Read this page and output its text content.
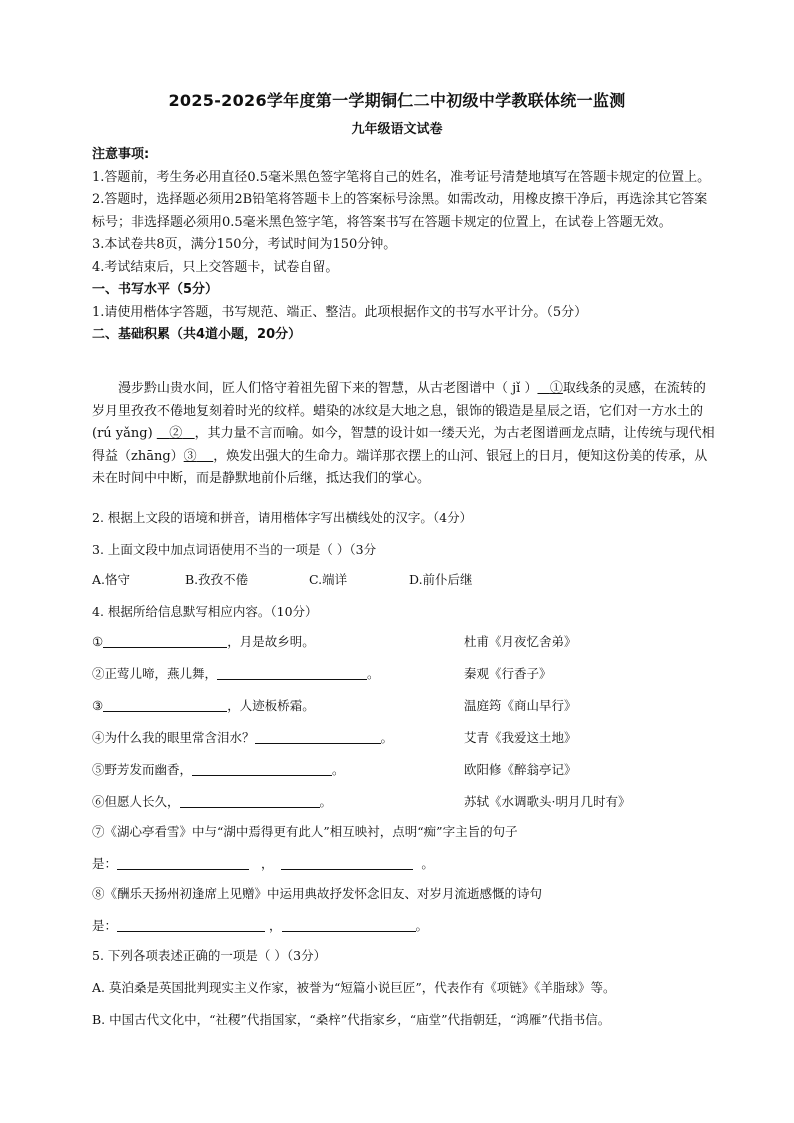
2025-2026学年度第一学期铜仁二中初级中学教联体统一监测
九年级语文试卷

注意事项:

1.答题前，考生务必用直径0.5毫米黑色签字笔将自己的姓名，准考证号清楚地填写在答题卡规定的位置上。

2.答题时，选择题必须用2B铅笔将答题卡上的答案标号涂黑。如需改动，用橡皮擦干净后，再选涂其它答案标号；非选择题必须用0.5毫米黑色签字笔，将答案书写在答题卡规定的位置上，在试卷上答题无效。

3.本试卷共8页，满分150分，考试时间为150分钟。

4.考试结束后，只上交答题卡，试卷自留。

一、书写水平（5分）

1.请使用楷体字答题，书写规范、端正、整洁。此项根据作文的书写水平计分。（5分）

二、基础积累（共4道小题，20分）

漫步黔山贵水间，匠人们恪守着祖先留下来的智慧，从古老图谱中（ jǐ ） ①取线条的灵感，在流转的岁月里孜孜不倦地复刻着时光的纹样。蜡染的冰纹是大地之息，银饰的锻造是星辰之语，它们对一方水土的(rú yǎng)    ② ，其力量不言而喻。如今，智慧的设计如一缕天光，为古老图谱画龙点睛，让传统与现代相得益（zhāng）③ ，焕发出强大的生命力。端详那衣摆上的山河、银冠上的日月，便知这份美的传承，从未在时间中中断，而是静默地前仆后继，抵达我们的掌心。

2. 根据上文段的语境和拼音，请用楷体字写出横线处的汉字。（4分）
3. 上面文段中加点词语使用不当的一项是（ ）（3分
A.恪守	B.孜孜不倦	C.端详	D.前仆后继
4. 根据所给信息默写相应内容。（10分）
①	，月是故乡明。	杜甫《月夜忆舍弟》
②正莺儿啼，燕儿舞，	。	秦观《行香子》
③	，人迹板桥霜。	温庭筠《商山早行》
④为什么我的眼里常含泪水？	。	艾青《我爱这土地》
⑤野芳发而幽香，	。	欧阳修《醉翁亭记》
⑥但愿人长久，	。	苏轼《水调歌头·明月几时有》
⑦《湖心亭看雪》中与“湖中焉得更有此人”相互映衬，点明“痴”字主旨的句子
是：	，	。
⑧《酬乐天扬州初逢席上见赠》中运用典故抒发怀念旧友、对岁月流逝感慨的诗句
是：	，	。
5. 下列各项表述正确的一项是（ ）（3分）
A. 莫泊桑是英国批判现实主义作家，被誉为“短篇小说巨匠”，代表作有《项链》《羊脂球》等。
B. 中国古代文化中，“社稷”代指国家，“桑梓”代指家乡，“庙堂”代指朝廷，“鸿雁”代指书信。
